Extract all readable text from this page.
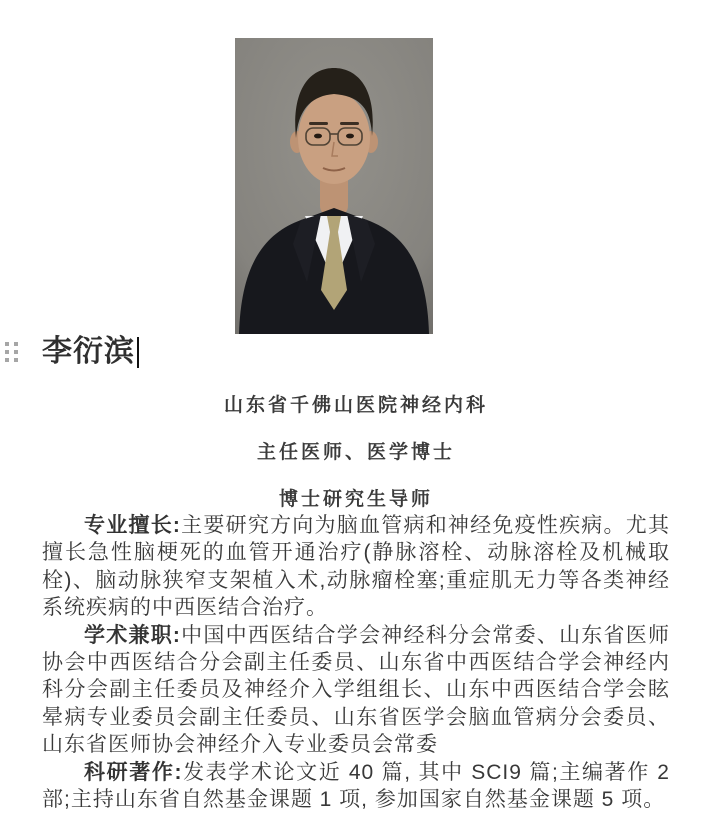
李衍滨
山东省千佛山医院神经内科
主任医师、医学博士
博士研究生导师

专业擅长:主要研究方向为脑血管病和神经免疫性疾病。尤其擅长急性脑梗死的血管开通治疗(静脉溶栓、动脉溶栓及机械取栓)、脑动脉狭窄支架植入术,动脉瘤栓塞;重症肌无力等各类神经系统疾病的中西医结合治疗。

学术兼职:中国中西医结合学会神经科分会常委、山东省医师协会中西医结合分会副主任委员、山东省中西医结合学会神经内科分会副主任委员及神经介入学组组长、山东中西医结合学会眩晕病专业委员会副主任委员、山东省医学会脑血管病分会委员、山东省医师协会神经介入专业委员会常委

科研著作:发表学术论文近 40 篇, 其中 SCI9 篇;主编著作 2 部;主持山东省自然基金课题 1 项, 参加国家自然基金课题 5 项。
